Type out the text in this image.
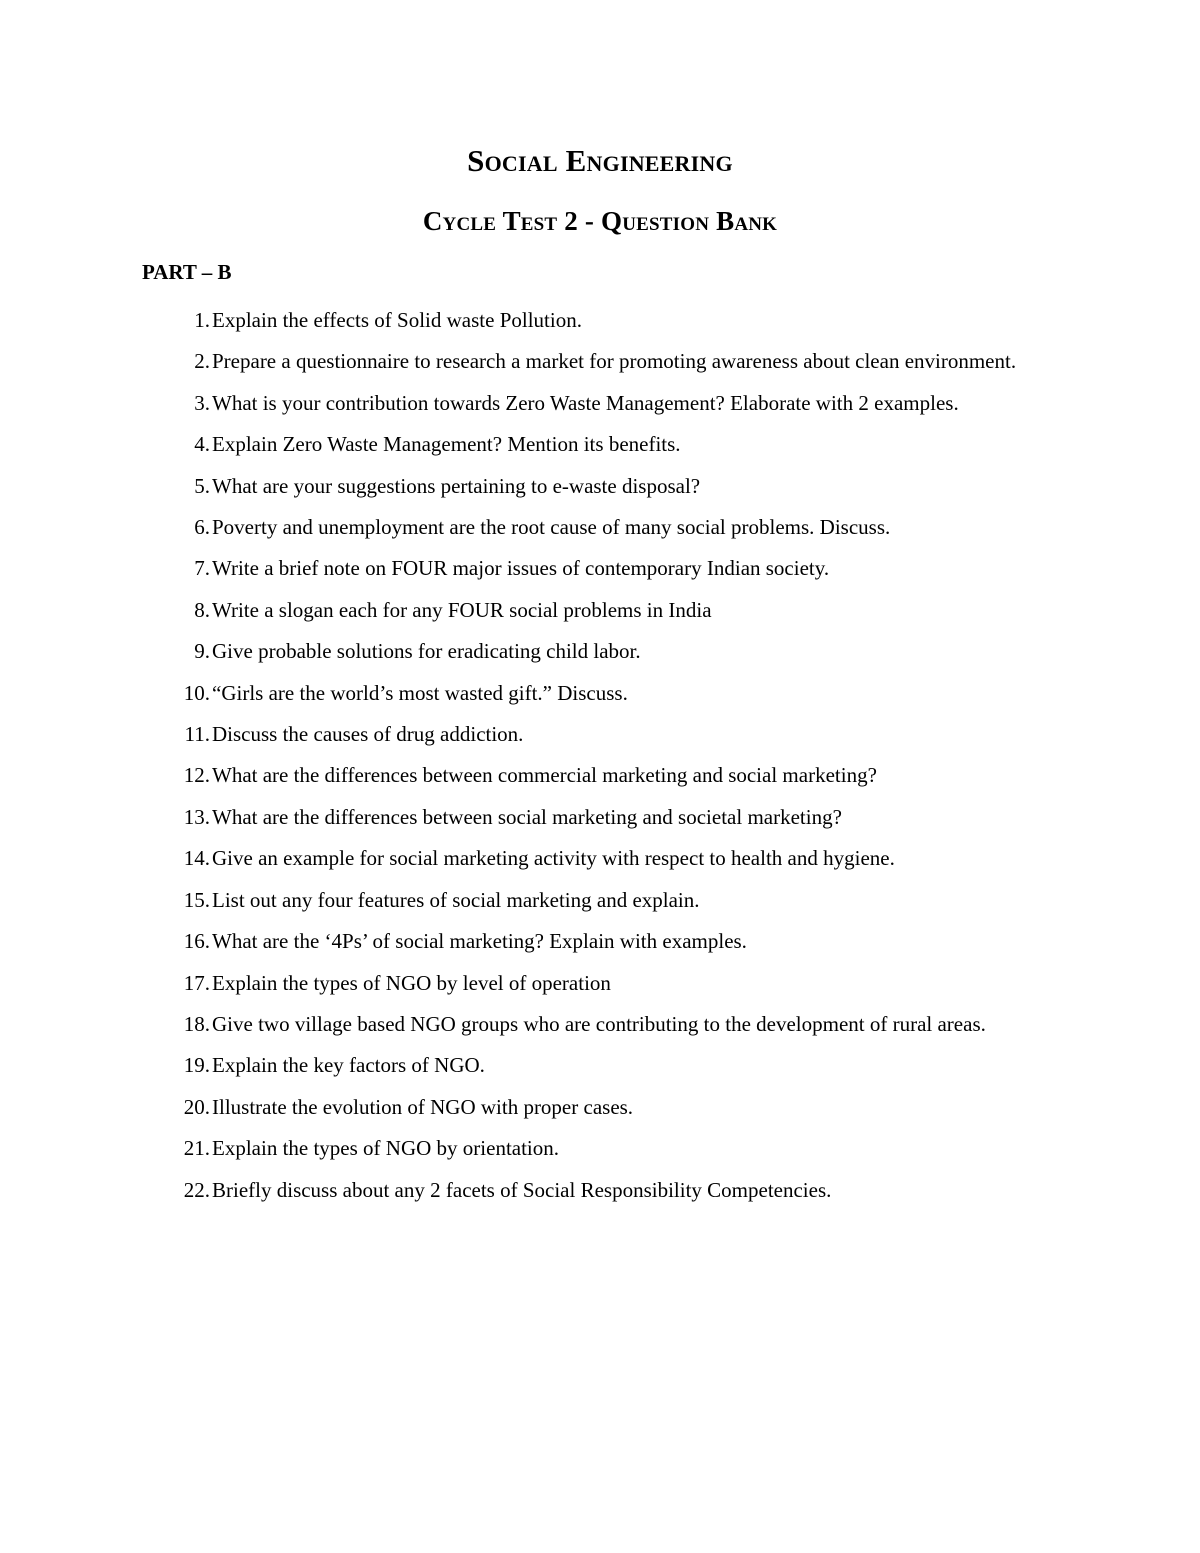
Social Engineering
Cycle Test 2 - Question Bank
PART – B
1. Explain the effects of Solid waste Pollution.
2. Prepare a questionnaire to research a market for promoting awareness about clean environment.
3. What is your contribution towards Zero Waste Management? Elaborate with 2 examples.
4. Explain Zero Waste Management? Mention its benefits.
5. What are your suggestions pertaining to e-waste disposal?
6. Poverty and unemployment are the root cause of many social problems. Discuss.
7. Write a brief note on FOUR major issues of contemporary Indian society.
8. Write a slogan each for any FOUR social problems in India
9. Give probable solutions for eradicating child labor.
10. “Girls are the world’s most wasted gift.” Discuss.
11. Discuss the causes of drug addiction.
12. What are the differences between commercial marketing and social marketing?
13. What are the differences between social marketing and societal marketing?
14. Give an example for social marketing activity with respect to health and hygiene.
15. List out any four features of social marketing and explain.
16. What are the ‘4Ps’ of social marketing? Explain with examples.
17. Explain the types of NGO by level of operation
18. Give two village based NGO groups who are contributing to the development of rural areas.
19. Explain the key factors of NGO.
20. Illustrate the evolution of NGO with proper cases.
21. Explain the types of NGO by orientation.
22. Briefly discuss about any 2 facets of Social Responsibility Competencies.
